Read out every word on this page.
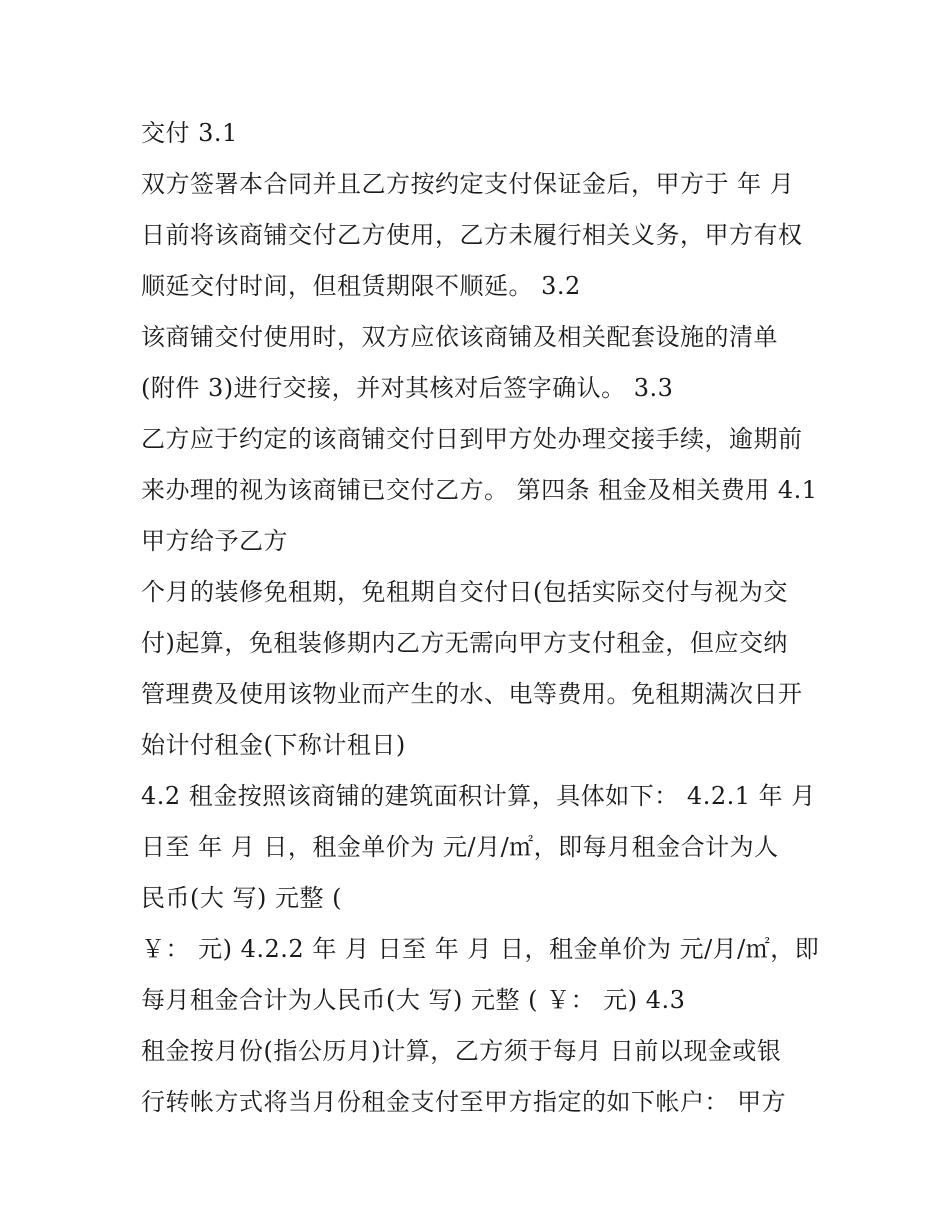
交付 3.1
双方签署本合同并且乙方按约定支付保证金后，甲方于 年 月
日前将该商铺交付乙方使用，乙方未履行相关义务，甲方有权
顺延交付时间，但租赁期限不顺延。 3.2
该商铺交付使用时，双方应依该商铺及相关配套设施的清单
(附件 3)进行交接，并对其核对后签字确认。 3.3
乙方应于约定的该商铺交付日到甲方处办理交接手续，逾期前
来办理的视为该商铺已交付乙方。 第四条 租金及相关费用 4.1
甲方给予乙方
个月的装修免租期，免租期自交付日(包括实际交付与视为交
付)起算，免租装修期内乙方无需向甲方支付租金，但应交纳
管理费及使用该物业而产生的水、电等费用。免租期满次日开
始计付租金(下称计租日)
4.2 租金按照该商铺的建筑面积计算，具体如下： 4.2.1 年 月
日至 年 月 日，租金单价为 元/月/㎡，即每月租金合计为人
民币(大 写) 元整 (
￥： 元) 4.2.2 年 月 日至 年 月 日，租金单价为 元/月/㎡，即
每月租金合计为人民币(大 写) 元整 ( ￥： 元) 4.3
租金按月份(指公历月)计算，乙方须于每月 日前以现金或银
行转帐方式将当月份租金支付至甲方指定的如下帐户： 甲方
